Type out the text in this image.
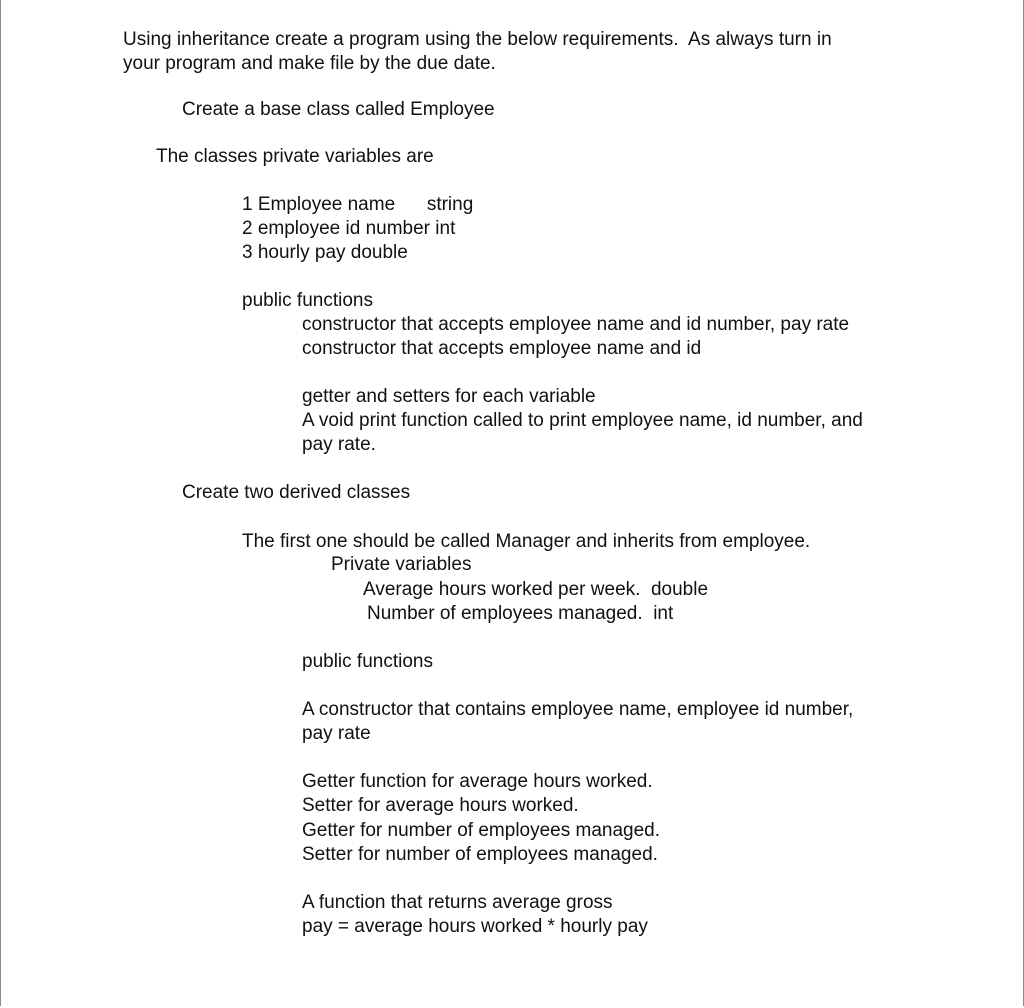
Using inheritance create a program using the below requirements.  As always turn in

your program and make file by the due date.

Create a base class called Employee

The classes private variables are

1 Employee name      string

2 employee id number int

3 hourly pay double

public functions

constructor that accepts employee name and id number, pay rate

constructor that accepts employee name and id

getter and setters for each variable

A void print function called to print employee name, id number, and

pay rate.

Create two derived classes

The first one should be called Manager and inherits from employee.

Private variables

Average hours worked per week.  double

Number of employees managed.  int

public functions

A constructor that contains employee name, employee id number,

pay rate

Getter function for average hours worked.

Setter for average hours worked.

Getter for number of employees managed.

Setter for number of employees managed.

A function that returns average gross

pay = average hours worked * hourly pay
